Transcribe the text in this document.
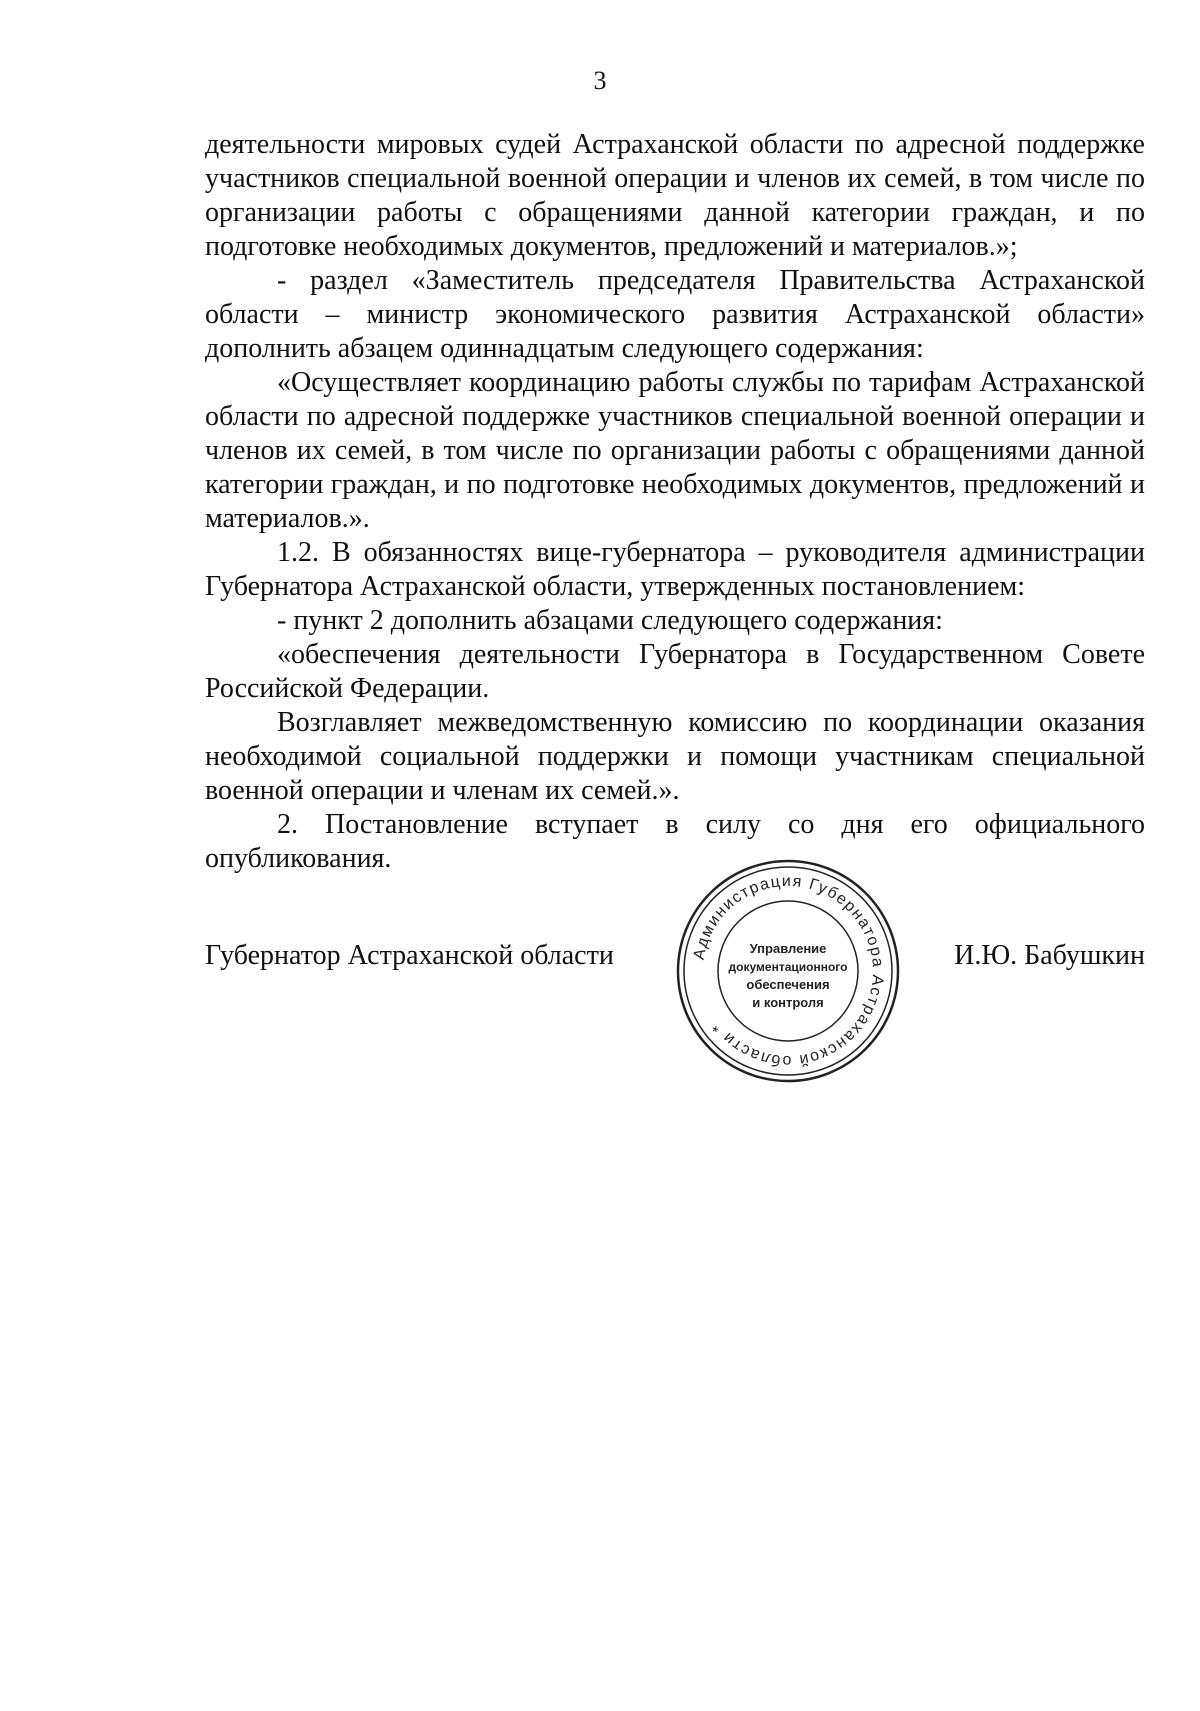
3

деятельности мировых судей Астраханской области по адресной поддержке участников специальной военной операции и членов их семей, в том числе по организации работы с обращениями данной категории граждан, и по подготовке необходимых документов, предложений и материалов.»;

- раздел «Заместитель председателя Правительства Астраханской области – министр экономического развития Астраханской области» дополнить абзацем одиннадцатым следующего содержания:

«Осуществляет координацию работы службы по тарифам Астраханской области по адресной поддержке участников специальной военной операции и членов их семей, в том числе по организации работы с обращениями данной категории граждан, и по подготовке необходимых документов, предложений и материалов.».

1.2. В обязанностях вице-губернатора – руководителя администрации Губернатора Астраханской области, утвержденных постановлением:

- пункт 2 дополнить абзацами следующего содержания:

«обеспечения деятельности Губернатора в Государственном Совете Российской Федерации.

Возглавляет межведомственную комиссию по координации оказания необходимой социальной поддержки и помощи участникам специальной военной операции и членам их семей.».

2. Постановление вступает в силу со дня его официального опубликования.

Губернатор Астраханской области	И.Ю. Бабушкин
Администрация Губернатора Астраханской области *
Управление
документационного
обеспечения
и контроля
